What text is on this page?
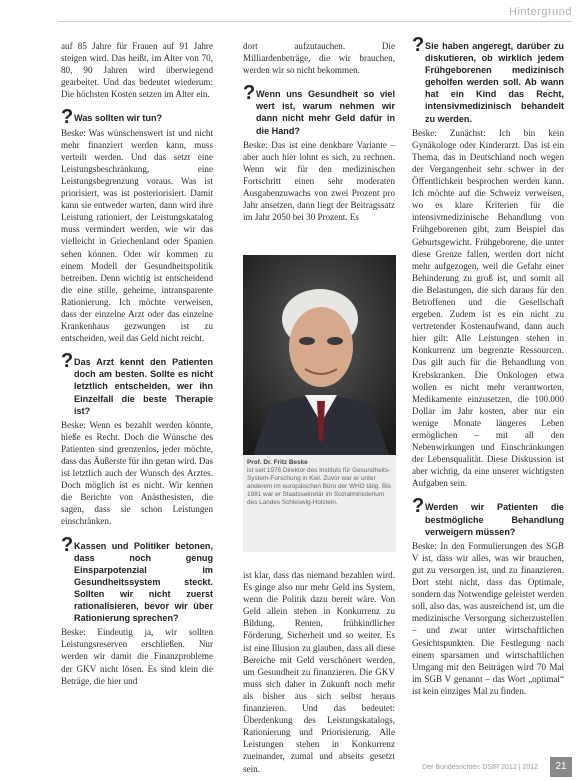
Hintergrund

auf 85 Jahre für Frauen auf 91 Jahre steigen wird. Das heißt, im Alter von 70, 80, 90 Jahren wird überwiegend gearbeitet. Und das bedeutet wiederum: Die höchsten Kosten setzen im Alter ein.

? Was sollten wir tun?

Beske: Was wünschenswert ist und nicht mehr finanziert werden kann, muss verteilt werden. Und das setzt eine Leistungsbeschränkung, eine Leistungsbegrenzung voraus. Was ist priorisiert, was ist posteriorisiert. Damit kann sie entweder warten, dann wird ihre Leistung rationiert, der Leistungskatalog muss vermindert werden, wie wir das vielleicht in Griechenland oder Spanien sehen können. Oder wir kommen zu einem Modell der Gesundheitspolitik betreiben. Denn wichtig ist entscheidend die eine stille, geheime, intransparente Rationierung. Ich möchte verweisen, dass der einzelne Arzt oder das einzelne Krankenhaus gezwungen ist zu entscheiden, weil das Geld nicht reicht.

? Das Arzt kennt den Patienten doch am besten. Sollte es nicht letztlich entscheiden, wer ihn Einzelfall die beste Therapie ist?

Beske: Wenn es bezahlt werden könnte, hieße es Recht. Doch die Wünsche des Patienten sind grenzenlos, jeder möchte, dass das Äußerste für ihn getan wird. Das ist letztlich auch der Wunsch des Arztes. Doch möglich ist es nicht. Wir kennen die Berichte von Anästhesisten, die sagen, dass sie schon Leistungen einschränken.

? Kassen und Politiker betonen, dass noch genug Einsparpotenzial im Gesundheitssystem steckt. Sollten wir nicht zuerst rationalisieren, bevor wir über Rationierung sprechen?

Beske: Eindeutig ja, wir sollten Leistungsreserven erschließen. Nur werden wir damit die Finanzprobleme der GKV nicht lösen. Es sind klein die Beträge, die hier und

dort aufzutauchen. Die Milliardenbeträge, die wir brauchen, werden wir so nicht bekommen.

? Wenn uns Gesundheit so viel wert ist, warum nehmen wir dann nicht mehr Geld dafür in die Hand?

Beske: Das ist eine denkbare Variante – aber auch hier lohnt es sich, zu rechnen. Wenn wir für den medizinischen Fortschritt einen sehr moderaten Ausgabenzuwachs von zwei Prozent pro Jahr ansetzen, dann liegt der Beitragssatz im Jahr 2050 bei 30 Prozent. Es

Prof. Dr. Fritz Beske
ist seit 1976 Direktor des Instituts für Gesundheits-System-Forschung in Kiel. Zuvor war er unter anderem im europäischen Büro der WHO tätig. Bis 1981 war er Staatssekretär im Sozialministerium des Landes Schleswig-Holstein.

ist klar, dass das niemand bezahlen wird. Es ginge also nur mehr Geld ins System, wenn die Politik dazu bereit wäre. Von Geld allein stehen in Konkurrenz zu Bildung, Renten, frühkindlicher Förderung, Sicherheit und so weiter. Es ist eine Illusion zu glauben, dass all diese Bereiche mit Geld verschönert werden, um Gesundheit zu finanzieren. Die GKV muss sich daher in Zukunft noch mehr als bisher aus sich selbst heraus finanzieren. Und das bedeutet: Überdenkung des Leistungskatalogs, Rationierung und Priorisierung. Alle Leistungen stehen in Konkurrenz zueinander, zumal und abseits gesetzt sein.

? Sie haben angeregt, darüber zu diskutieren, ob wirklich jedem Frühgeborenen medizinisch geholfen werden soll. Ab wann hat ein Kind das Recht, intensivmedizinisch behandelt zu werden.

Beske: Zunächst: Ich bin kein Gynäkologe oder Kinderarzt. Das ist ein Thema, das in Deutschland noch wegen der Vergangenheit sehr schwer in der Öffentlichkeit besprochen werden kann. Ich möchte auf die Schweiz verweisen, wo es klare Kriterien für die intensivmedizinische Behandlung von Frühgeborenen gibt, zum Beispiel das Geburtsgewicht. Frühgeborene, die unter diese Grenze fallen, werden dort nicht mehr aufgezogen, weil die Gefahr einer Behinderung zu groß ist, und somit all die Belastungen, die sich daraus für den Betroffenen und die Gesellschaft ergeben. Zudem ist es ein nicht zu vertretender Kostenaufwand, dann auch hier gilt: Alle Leistungen stehen in Konkurrenz um begrenzte Ressourcen. Das gilt auch für die Behandlung von Krebskranken. Die Onkologen etwa wollen es nicht mehr verantworten, Medikamente einzusetzen, die 100.000 Dollar im Jahr kosten, aber nur ein wenige Monate längeres Leben ermöglichen – mit all den Nebenwirkungen und Einschränkungen der Lebensqualität. Diese Diskussion ist aber wichtig, da eine unserer wichtigsten Aufgaben sein.

? Werden wir Patienten die bestmögliche Behandlung verweigern müssen?

Beske: In den Formulierungen des SGB V ist, dass wir alles, was wir brauchen, gut zu versorgen ist, und zu finanzieren. Dort steht nicht, dass das Optimale, sondern das Notwendige geleistet werden soll, also das, was ausreichend ist, um die medizinische Versorgung sicherzustellen – und zwar unter wirtschaftlichen Gesichtspunkten. Die Festlegung nach einem sparsamen und wirtschaftlichen Umgang mit den Beiträgen wird 70 Mal im SGB V genannt – das Wort „optimal“ ist kein einziges Mal zu finden.

Der Bundesrichter: DStR 2012 | 2012	21
